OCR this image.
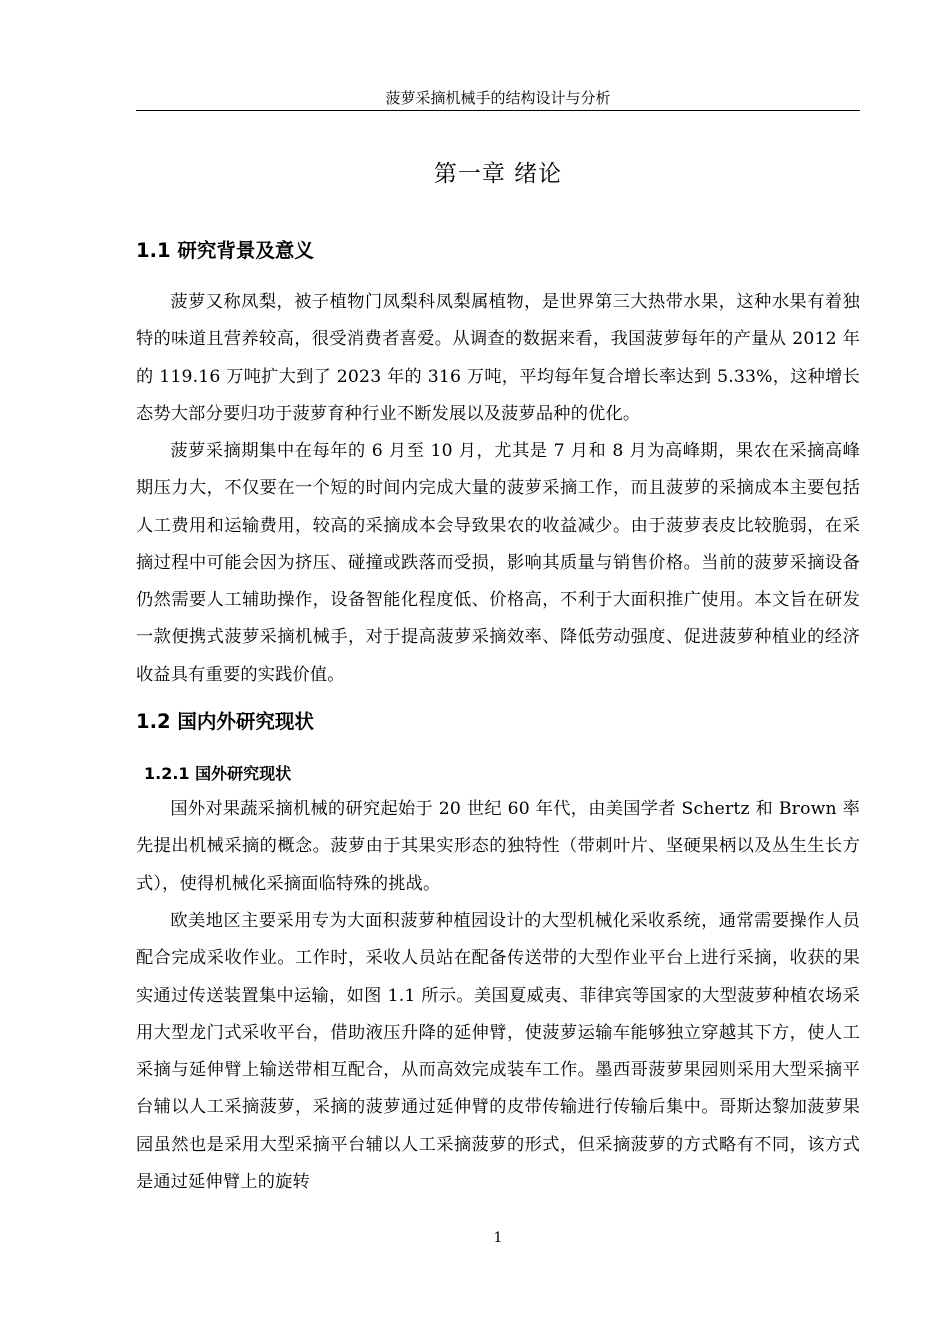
菠萝采摘机械手的结构设计与分析
第一章 绪论
1.1 研究背景及意义

菠萝又称凤梨，被子植物门凤梨科凤梨属植物，是世界第三大热带水果，这种水果有着独特的味道且营养较高，很受消费者喜爱。从调查的数据来看，我国菠萝每年的产量从 2012 年的 119.16 万吨扩大到了 2023 年的 316 万吨，平均每年复合增长率达到 5.33%，这种增长态势大部分要归功于菠萝育种行业不断发展以及菠萝品种的优化。

菠萝采摘期集中在每年的 6 月至 10 月，尤其是 7 月和 8 月为高峰期，果农在采摘高峰期压力大，不仅要在一个短的时间内完成大量的菠萝采摘工作，而且菠萝的采摘成本主要包括人工费用和运输费用，较高的采摘成本会导致果农的收益减少。由于菠萝表皮比较脆弱，在采摘过程中可能会因为挤压、碰撞或跌落而受损，影响其质量与销售价格。当前的菠萝采摘设备仍然需要人工辅助操作，设备智能化程度低、价格高，不利于大面积推广使用。本文旨在研发一款便携式菠萝采摘机械手，对于提高菠萝采摘效率、降低劳动强度、促进菠萝种植业的经济收益具有重要的实践价值。

1.2 国内外研究现状
1.2.1 国外研究现状

国外对果蔬采摘机械的研究起始于 20 世纪 60 年代，由美国学者 Schertz 和 Brown 率先提出机械采摘的概念。菠萝由于其果实形态的独特性（带刺叶片、坚硬果柄以及丛生生长方式），使得机械化采摘面临特殊的挑战。

欧美地区主要采用专为大面积菠萝种植园设计的大型机械化采收系统，通常需要操作人员配合完成采收作业。工作时，采收人员站在配备传送带的大型作业平台上进行采摘，收获的果实通过传送装置集中运输，如图 1.1 所示。美国夏威夷、菲律宾等国家的大型菠萝种植农场采用大型龙门式采收平台，借助液压升降的延伸臂，使菠萝运输车能够独立穿越其下方，使人工采摘与延伸臂上输送带相互配合，从而高效完成装车工作。墨西哥菠萝果园则采用大型采摘平台辅以人工采摘菠萝，采摘的菠萝通过延伸臂的皮带传输进行传输后集中。哥斯达黎加菠萝果园虽然也是采用大型采摘平台辅以人工采摘菠萝的形式，但采摘菠萝的方式略有不同，该方式是通过延伸臂上的旋转

1
